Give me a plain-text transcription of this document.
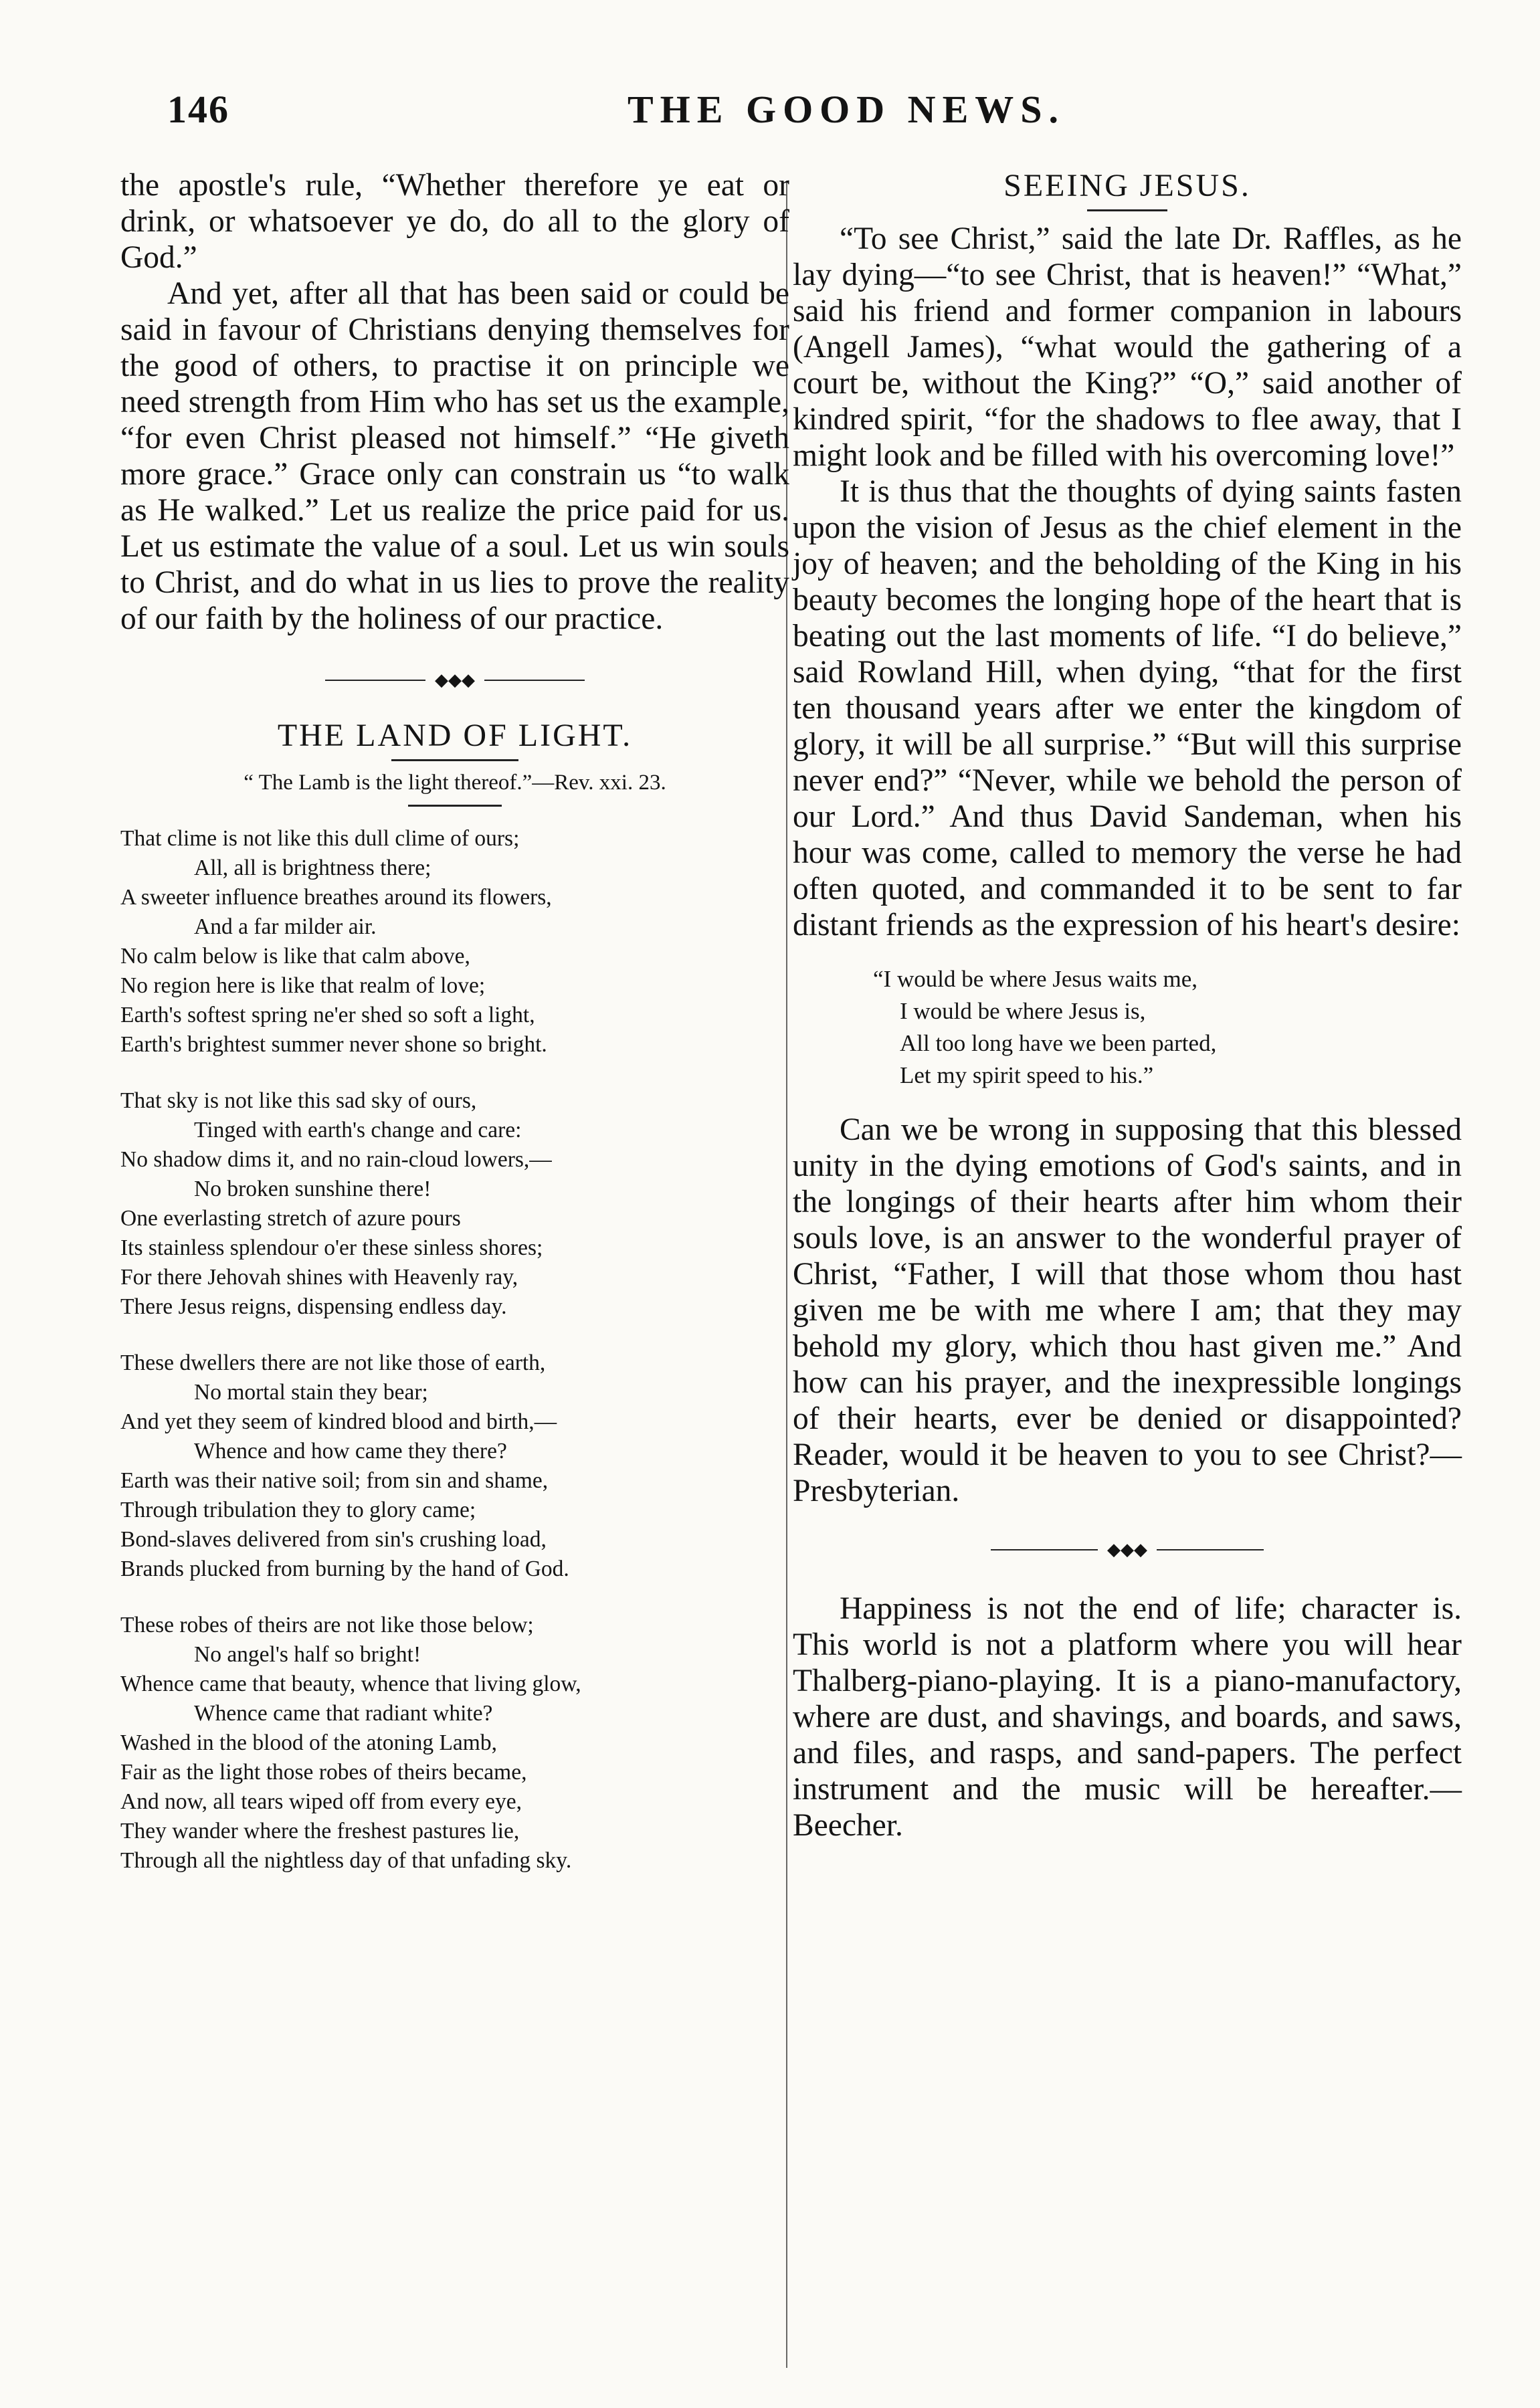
146	THE GOOD NEWS.

the apostle's rule, “Whether therefore ye eat or drink, or whatsoever ye do, do all to the glory of God.”

And yet, after all that has been said or could be said in favour of Christians denying themselves for the good of others, to practise it on principle we need strength from Him who has set us the example, “for even Christ pleased not himself.” “He giveth more grace.” Grace only can constrain us “to walk as He walked.” Let us realize the price paid for us. Let us estimate the value of a soul. Let us win souls to Christ, and do what in us lies to prove the reality of our faith by the holiness of our practice.

◆◆◆
THE LAND OF LIGHT.
“ The Lamb is the light thereof.”—Rev. xxi. 23.
That clime is not like this dull clime of ours;
All, all is brightness there;
A sweeter influence breathes around its flowers,
And a far milder air.
No calm below is like that calm above,
No region here is like that realm of love;
Earth's softest spring ne'er shed so soft a light,
Earth's brightest summer never shone so bright.
That sky is not like this sad sky of ours,
Tinged with earth's change and care:
No shadow dims it, and no rain-cloud lowers,—
No broken sunshine there!
One everlasting stretch of azure pours
Its stainless splendour o'er these sinless shores;
For there Jehovah shines with Heavenly ray,
There Jesus reigns, dispensing endless day.
These dwellers there are not like those of earth,
No mortal stain they bear;
And yet they seem of kindred blood and birth,—
Whence and how came they there?
Earth was their native soil; from sin and shame,
Through tribulation they to glory came;
Bond-slaves delivered from sin's crushing load,
Brands plucked from burning by the hand of God.
These robes of theirs are not like those below;
No angel's half so bright!
Whence came that beauty, whence that living glow,
Whence came that radiant white?
Washed in the blood of the atoning Lamb,
Fair as the light those robes of theirs became,
And now, all tears wiped off from every eye,
They wander where the freshest pastures lie,
Through all the nightless day of that unfading sky.
SEEING JESUS.

“To see Christ,” said the late Dr. Raffles, as he lay dying—“to see Christ, that is heaven!” “What,” said his friend and former companion in labours (Angell James), “what would the gathering of a court be, without the King?” “O,” said another of kindred spirit, “for the shadows to flee away, that I might look and be filled with his overcoming love!”

It is thus that the thoughts of dying saints fasten upon the vision of Jesus as the chief element in the joy of heaven; and the beholding of the King in his beauty becomes the longing hope of the heart that is beating out the last moments of life. “I do believe,” said Rowland Hill, when dying, “that for the first ten thousand years after we enter the kingdom of glory, it will be all surprise.” “But will this surprise never end?” “Never, while we behold the person of our Lord.” And thus David Sandeman, when his hour was come, called to memory the verse he had often quoted, and commanded it to be sent to far distant friends as the expression of his heart's desire:

“I would be where Jesus waits me,
I would be where Jesus is,
All too long have we been parted,
Let my spirit speed to his.”

Can we be wrong in supposing that this blessed unity in the dying emotions of God's saints, and in the longings of their hearts after him whom their souls love, is an answer to the wonderful prayer of Christ, “Father, I will that those whom thou hast given me be with me where I am; that they may behold my glory, which thou hast given me.” And how can his prayer, and the inexpressible longings of their hearts, ever be denied or disappointed? Reader, would it be heaven to you to see Christ?—Presbyterian.

◆◆◆

Happiness is not the end of life; character is. This world is not a platform where you will hear Thalberg-piano-playing. It is a piano-manufactory, where are dust, and shavings, and boards, and saws, and files, and rasps, and sand-papers. The perfect instrument and the music will be hereafter.—Beecher.
